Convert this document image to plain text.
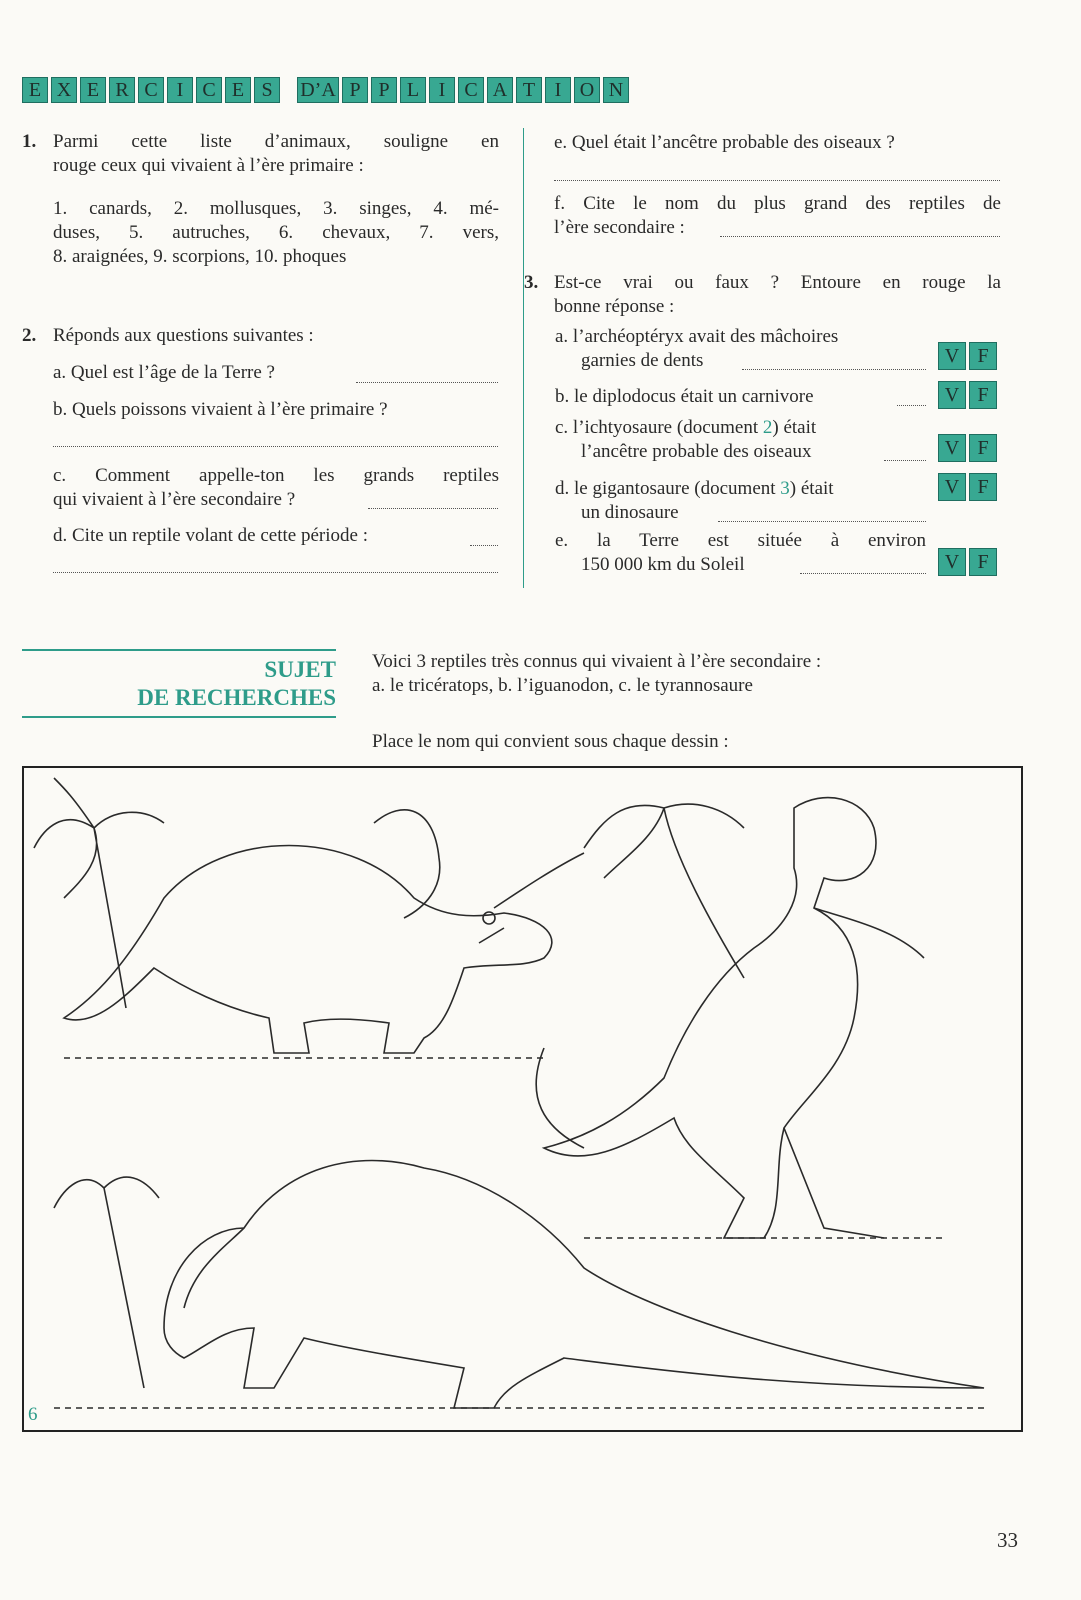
E X E R C I C E S	D’A P P L I C A T I O N
1. Parmi cette liste d’animaux, souligne en
rouge ceux qui vivaient à l’ère primaire :
1. canards, 2. mollusques, 3. singes, 4. mé-
duses, 5. autruches, 6. chevaux, 7. vers,
8. araignées, 9. scorpions, 10. phoques
2. Réponds aux questions suivantes :
a. Quel est l’âge de la Terre ?
b. Quels poissons vivaient à l’ère primaire ?
c. Comment appelle-ton les grands reptiles
qui vivaient à l’ère secondaire ?
d. Cite un reptile volant de cette période :
e. Quel était l’ancêtre probable des oiseaux ?
f. Cite le nom du plus grand des reptiles de
l’ère secondaire :
3. Est-ce vrai ou faux ? Entoure en rouge la
bonne réponse :
a. l’archéoptéryx avait des mâchoires
garnies de dents	V F
b. le diplodocus était un carnivore	V F
c. l’ichtyosaure (document 2) était
l’ancêtre probable des oiseaux	V F
d. le gigantosaure (document 3) était
un dinosaure
V F
e. la Terre est située à environ
150 000 km du Soleil	V F
SUJET
DE RECHERCHES
Voici 3 reptiles très connus qui vivaient à l’ère secondaire :
a. le tricératops, b. l’iguanodon, c. le tyrannosaure
Place le nom qui convient sous chaque dessin :
6
33
